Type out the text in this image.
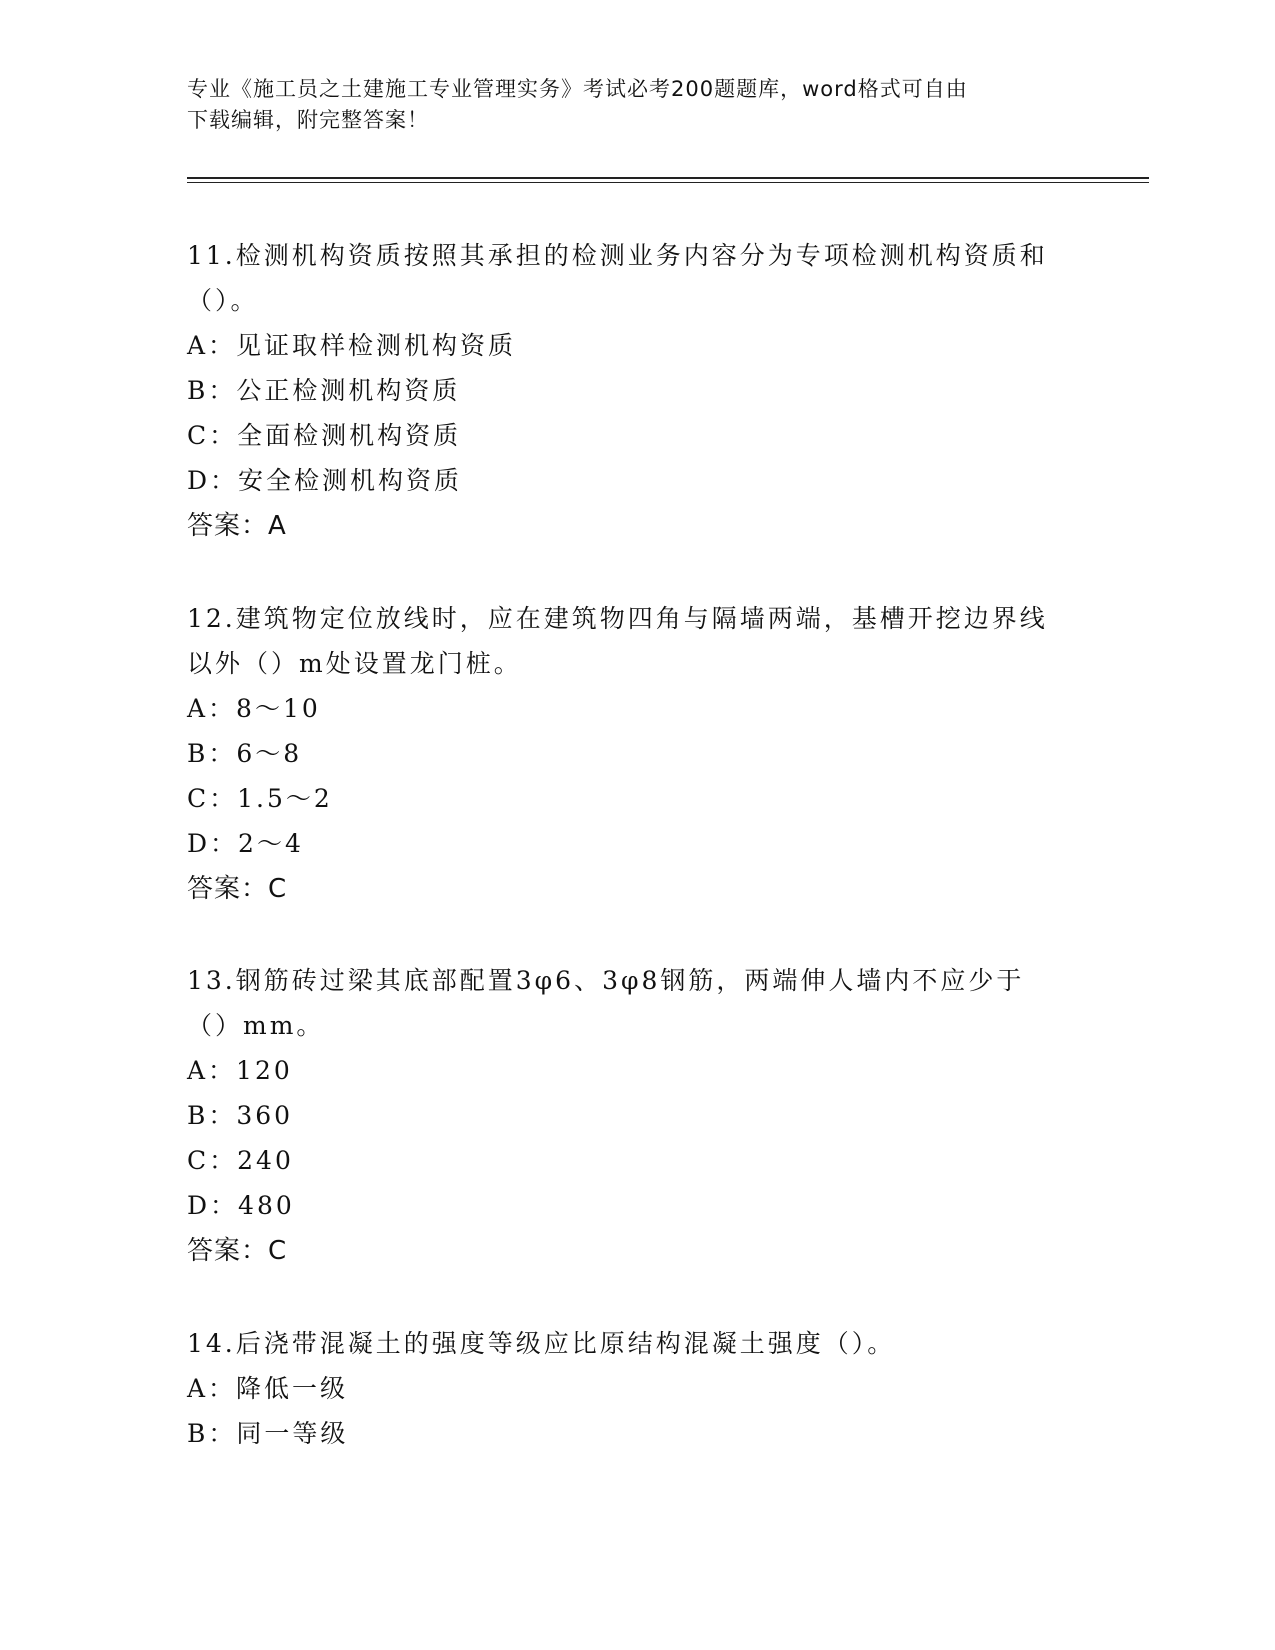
专业《施工员之土建施工专业管理实务》考试必考200题题库，word格式可自由

下载编辑，附完整答案！

11.检测机构资质按照其承担的检测业务内容分为专项检测机构资质和

（）。

A：见证取样检测机构资质

B：公正检测机构资质

C：全面检测机构资质

D：安全检测机构资质

答案：A

12.建筑物定位放线时，应在建筑物四角与隔墙两端，基槽开挖边界线

以外（）m处设置龙门桩。

A：8～10

B：6～8

C：1.5～2

D：2～4

答案：C

13.钢筋砖过梁其底部配置3φ6、3φ8钢筋，两端伸人墙内不应少于

（）mm。

A：120

B：360

C：240

D：480

答案：C

14.后浇带混凝土的强度等级应比原结构混凝土强度（）。

A：降低一级

B：同一等级
